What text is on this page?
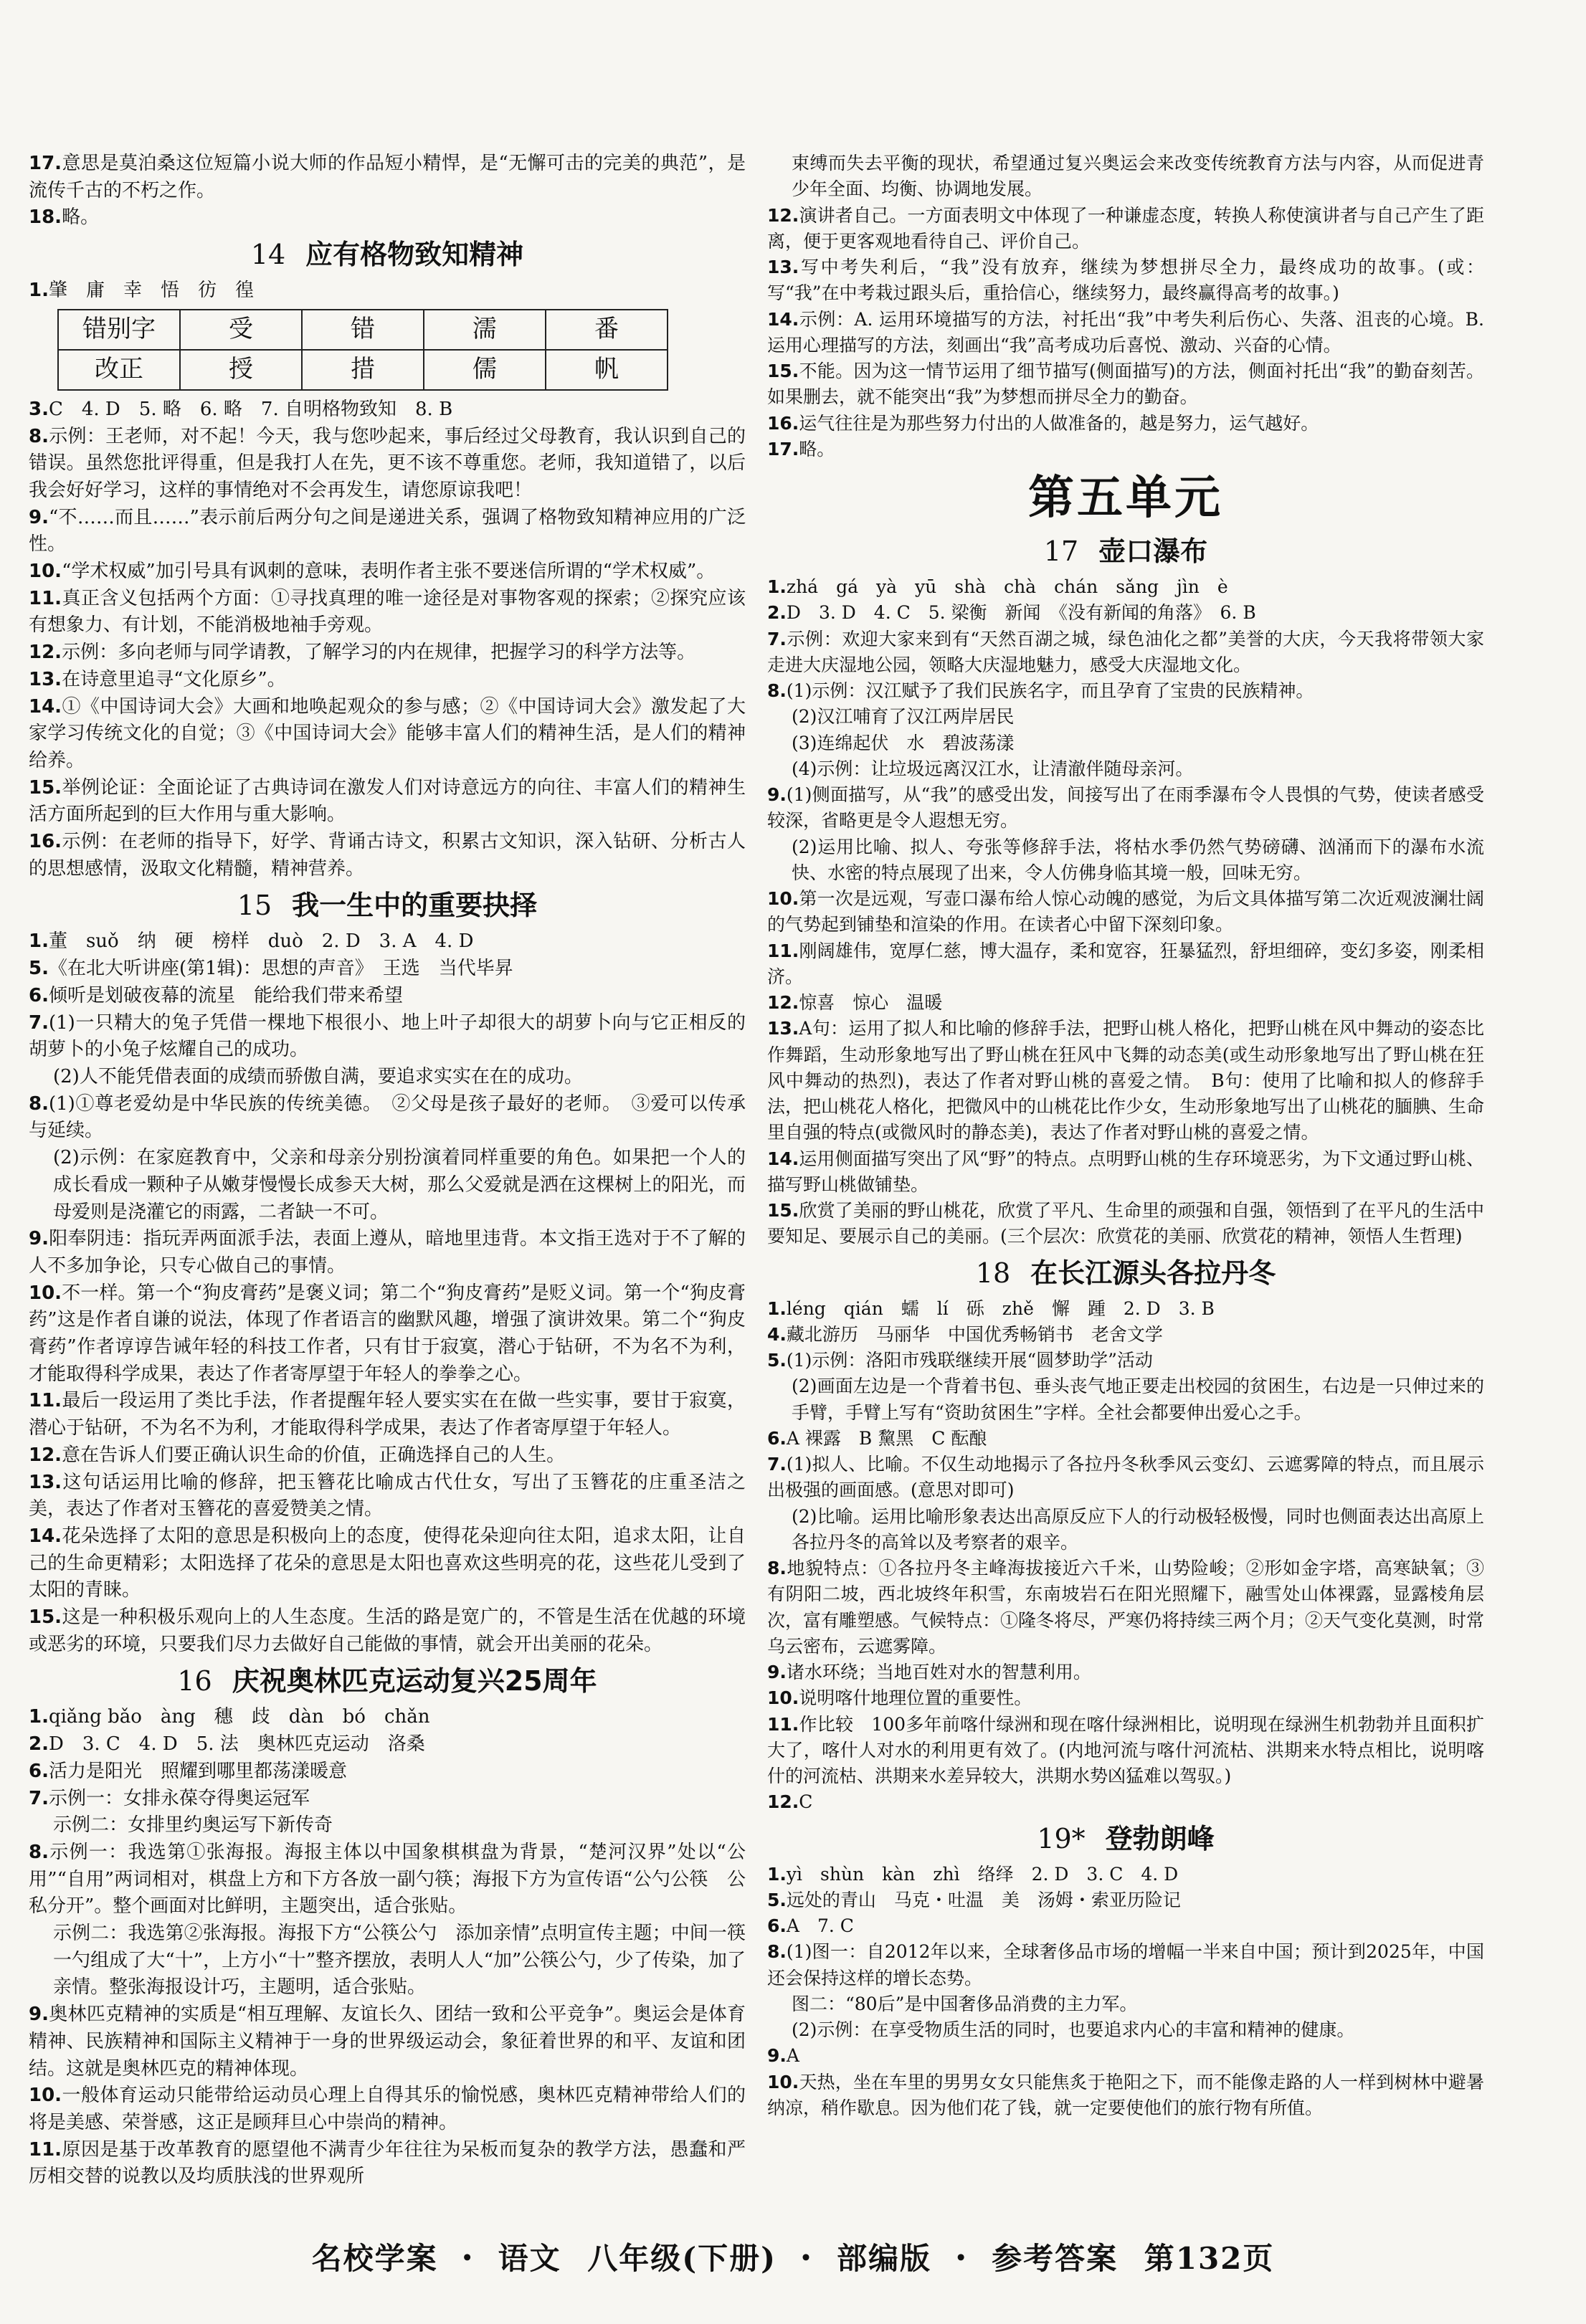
17.意思是莫泊桑这位短篇小说大师的作品短小精悍，是“无懈可击的完美的典范”，是流传千古的不朽之作。

18.略。

14 应有格物致知精神

1.肇　庸　幸　悟　彷　徨

错别字	受	错	濡	番
改正	授	措	儒	帆

3.C　4. D　5. 略　6. 略　7. 自明格物致知　8. B

8.示例：王老师，对不起！今天，我与您吵起来，事后经过父母教育，我认识到自己的错误。虽然您批评得重，但是我打人在先，更不该不尊重您。老师，我知道错了，以后我会好好学习，这样的事情绝对不会再发生，请您原谅我吧！

9.“不……而且……”表示前后两分句之间是递进关系，强调了格物致知精神应用的广泛性。

10.“学术权威”加引号具有讽刺的意味，表明作者主张不要迷信所谓的“学术权威”。

11.真正含义包括两个方面：①寻找真理的唯一途径是对事物客观的探索；②探究应该有想象力、有计划，不能消极地袖手旁观。

12.示例：多向老师与同学请教，了解学习的内在规律，把握学习的科学方法等。

13.在诗意里追寻“文化原乡”。

14.①《中国诗词大会》大画和地唤起观众的参与感；②《中国诗词大会》激发起了大家学习传统文化的自觉；③《中国诗词大会》能够丰富人们的精神生活，是人们的精神给养。

15.举例论证：全面论证了古典诗词在激发人们对诗意远方的向往、丰富人们的精神生活方面所起到的巨大作用与重大影响。

16.示例：在老师的指导下，好学、背诵古诗文，积累古文知识，深入钻研、分析古人的思想感情，汲取文化精髓，精神营养。

15 我一生中的重要抉择

1.董　suǒ　纳　硬　榜样　duò　2. D　3. A　4. D

5.《在北大听讲座(第1辑)：思想的声音》　王选　当代毕昇

6.倾听是划破夜幕的流星　能给我们带来希望

7.(1)一只精大的兔子凭借一棵地下根很小、地上叶子却很大的胡萝卜向与它正相反的胡萝卜的小兔子炫耀自己的成功。

(2)人不能凭借表面的成绩而骄傲自满，要追求实实在在的成功。

8.(1)①尊老爱幼是中华民族的传统美德。　②父母是孩子最好的老师。　③爱可以传承与延续。

(2)示例：在家庭教育中，父亲和母亲分别扮演着同样重要的角色。如果把一个人的成长看成一颗种子从嫩芽慢慢长成参天大树，那么父爱就是洒在这棵树上的阳光，而母爱则是浇灌它的雨露，二者缺一不可。

9.阳奉阴违：指玩弄两面派手法，表面上遵从，暗地里违背。本文指王选对于不了解的人不多加争论，只专心做自己的事情。

10.不一样。第一个“狗皮膏药”是褒义词；第二个“狗皮膏药”是贬义词。第一个“狗皮膏药”这是作者自谦的说法，体现了作者语言的幽默风趣，增强了演讲效果。第二个“狗皮膏药”作者谆谆告诫年轻的科技工作者，只有甘于寂寞，潜心于钻研，不为名不为利，才能取得科学成果，表达了作者寄厚望于年轻人的拳拳之心。

11.最后一段运用了类比手法，作者提醒年轻人要实实在在做一些实事，要甘于寂寞，潜心于钻研，不为名不为利，才能取得科学成果，表达了作者寄厚望于年轻人。

12.意在告诉人们要正确认识生命的价值，正确选择自己的人生。

13.这句话运用比喻的修辞，把玉簪花比喻成古代仕女，写出了玉簪花的庄重圣洁之美，表达了作者对玉簪花的喜爱赞美之情。

14.花朵选择了太阳的意思是积极向上的态度，使得花朵迎向往太阳，追求太阳，让自己的生命更精彩；太阳选择了花朵的意思是太阳也喜欢这些明亮的花，这些花儿受到了太阳的青睐。

15.这是一种积极乐观向上的人生态度。生活的路是宽广的，不管是生活在优越的环境或恶劣的环境，只要我们尽力去做好自己能做的事情，就会开出美丽的花朵。

16 庆祝奥林匹克运动复兴25周年

1.qiǎng bǎo　àng　穗　歧　dàn　bó　chǎn

2.D　3. C　4. D　5. 法　奥林匹克运动　洛桑

6.活力是阳光　照耀到哪里都荡漾暖意

7.示例一：女排永葆夺得奥运冠军

示例二：女排里约奥运写下新传奇

8.示例一：我选第①张海报。海报主体以中国象棋棋盘为背景，“楚河汉界”处以“公用”“自用”两词相对，棋盘上方和下方各放一副勺筷；海报下方为宣传语“公勺公筷　公私分开”。整个画面对比鲜明，主题突出，适合张贴。

示例二：我选第②张海报。海报下方“公筷公勺　添加亲情”点明宣传主题；中间一筷一勺组成了大“十”，上方小“十”整齐摆放，表明人人“加”公筷公勺，少了传染，加了亲情。整张海报设计巧，主题明，适合张贴。

9.奥林匹克精神的实质是“相互理解、友谊长久、团结一致和公平竞争”。奥运会是体育精神、民族精神和国际主义精神于一身的世界级运动会，象征着世界的和平、友谊和团结。这就是奥林匹克的精神体现。

10.一般体育运动只能带给运动员心理上自得其乐的愉悦感，奥林匹克精神带给人们的将是美感、荣誉感，这正是顾拜旦心中崇尚的精神。

11.原因是基于改革教育的愿望他不满青少年往往为呆板而复杂的教学方法，愚蠢和严厉相交替的说教以及均质肤浅的世界观所

束缚而失去平衡的现状，希望通过复兴奥运会来改变传统教育方法与内容，从而促进青少年全面、均衡、协调地发展。

12.演讲者自己。一方面表明文中体现了一种谦虚态度，转换人称使演讲者与自己产生了距离，便于更客观地看待自己、评价自己。

13.写中考失利后，“我”没有放弃，继续为梦想拼尽全力，最终成功的故事。(或：写“我”在中考栽过跟头后，重拾信心，继续努力，最终赢得高考的故事。)

14.示例：A. 运用环境描写的方法，衬托出“我”中考失利后伤心、失落、沮丧的心境。B. 运用心理描写的方法，刻画出“我”高考成功后喜悦、激动、兴奋的心情。

15.不能。因为这一情节运用了细节描写(侧面描写)的方法，侧面衬托出“我”的勤奋刻苦。如果删去，就不能突出“我”为梦想而拼尽全力的勤奋。

16.运气往往是为那些努力付出的人做准备的，越是努力，运气越好。

17.略。

第五单元
17 壶口瀑布

1.zhá　gá　yà　yū　shà　chà　chán　sǎng　jìn　è

2.D　3. D　4. C　5. 梁衡　新闻　《没有新闻的角落》　6. B

7.示例：欢迎大家来到有“天然百湖之城，绿色油化之都”美誉的大庆，今天我将带领大家走进大庆湿地公园，领略大庆湿地魅力，感受大庆湿地文化。

8.(1)示例：汉江赋予了我们民族名字，而且孕育了宝贵的民族精神。

(2)汉江哺育了汉江两岸居民

(3)连绵起伏　水　碧波荡漾

(4)示例：让垃圾远离汉江水，让清澈伴随母亲河。

9.(1)侧面描写，从“我”的感受出发，间接写出了在雨季瀑布令人畏惧的气势，使读者感受较深，省略更是令人遐想无穷。

(2)运用比喻、拟人、夸张等修辞手法，将枯水季仍然气势磅礴、汹涌而下的瀑布水流快、水密的特点展现了出来，令人仿佛身临其境一般，回味无穷。

10.第一次是远观，写壶口瀑布给人惊心动魄的感觉，为后文具体描写第二次近观波澜壮阔的气势起到铺垫和渲染的作用。在读者心中留下深刻印象。

11.刚阔雄伟，宽厚仁慈，博大温存，柔和宽容，狂暴猛烈，舒坦细碎，变幻多姿，刚柔相济。

12.惊喜　惊心　温暖

13.A句：运用了拟人和比喻的修辞手法，把野山桃人格化，把野山桃在风中舞动的姿态比作舞蹈，生动形象地写出了野山桃在狂风中飞舞的动态美(或生动形象地写出了野山桃在狂风中舞动的热烈)，表达了作者对野山桃的喜爱之情。　B句：使用了比喻和拟人的修辞手法，把山桃花人格化，把微风中的山桃花比作少女，生动形象地写出了山桃花的腼腆、生命里自强的特点(或微风时的静态美)，表达了作者对野山桃的喜爱之情。

14.运用侧面描写突出了风“野”的特点。点明野山桃的生存环境恶劣，为下文通过野山桃、描写野山桃做铺垫。

15.欣赏了美丽的野山桃花，欣赏了平凡、生命里的顽强和自强，领悟到了在平凡的生活中要知足、要展示自己的美丽。(三个层次：欣赏花的美丽、欣赏花的精神，领悟人生哲理)

18 在长江源头各拉丹冬

1.léng　qián　蠕　lí　砾　zhě　懈　踵　2. D　3. B

4.藏北游历　马丽华　中国优秀畅销书　老舍文学

5.(1)示例：洛阳市残联继续开展“圆梦助学”活动

(2)画面左边是一个背着书包、垂头丧气地正要走出校园的贫困生，右边是一只伸过来的手臂，手臂上写有“资助贫困生”字样。全社会都要伸出爱心之手。

6.A 裸露　B 黧黑　C 酝酿

7.(1)拟人、比喻。不仅生动地揭示了各拉丹冬秋季风云变幻、云遮雾障的特点，而且展示出极强的画面感。(意思对即可)

(2)比喻。运用比喻形象表达出高原反应下人的行动极轻极慢，同时也侧面表达出高原上各拉丹冬的高耸以及考察者的艰辛。

8.地貌特点：①各拉丹冬主峰海拔接近六千米，山势险峻；②形如金字塔，高寒缺氧；③有阴阳二坡，西北坡终年积雪，东南坡岩石在阳光照耀下，融雪处山体裸露，显露棱角层次，富有雕塑感。气候特点：①隆冬将尽，严寒仍将持续三两个月；②天气变化莫测，时常乌云密布，云遮雾障。

9.诸水环绕；当地百姓对水的智慧利用。

10.说明喀什地理位置的重要性。

11.作比较　100多年前喀什绿洲和现在喀什绿洲相比，说明现在绿洲生机勃勃并且面积扩大了，喀什人对水的利用更有效了。(内地河流与喀什河流枯、洪期来水特点相比，说明喀什的河流枯、洪期来水差异较大，洪期水势凶猛难以驾驭。)

12.C

19* 登勃朗峰

1.yì　shùn　kàn　zhì　络绎　2. D　3. C　4. D

5.远处的青山　马克・吐温　美　汤姆・索亚历险记

6.A　7. C

8.(1)图一：自2012年以来，全球奢侈品市场的增幅一半来自中国；预计到2025年，中国还会保持这样的增长态势。

图二：“80后”是中国奢侈品消费的主力军。

(2)示例：在享受物质生活的同时，也要追求内心的丰富和精神的健康。

9.A

10.天热，坐在车里的男男女女只能焦炙于艳阳之下，而不能像走路的人一样到树林中避暑纳凉，稍作歇息。因为他们花了钱，就一定要使他们的旅行物有所值。

名校学案 ・ 语文 八年级(下册) ・ 部编版 ・ 参考答案 第132页
